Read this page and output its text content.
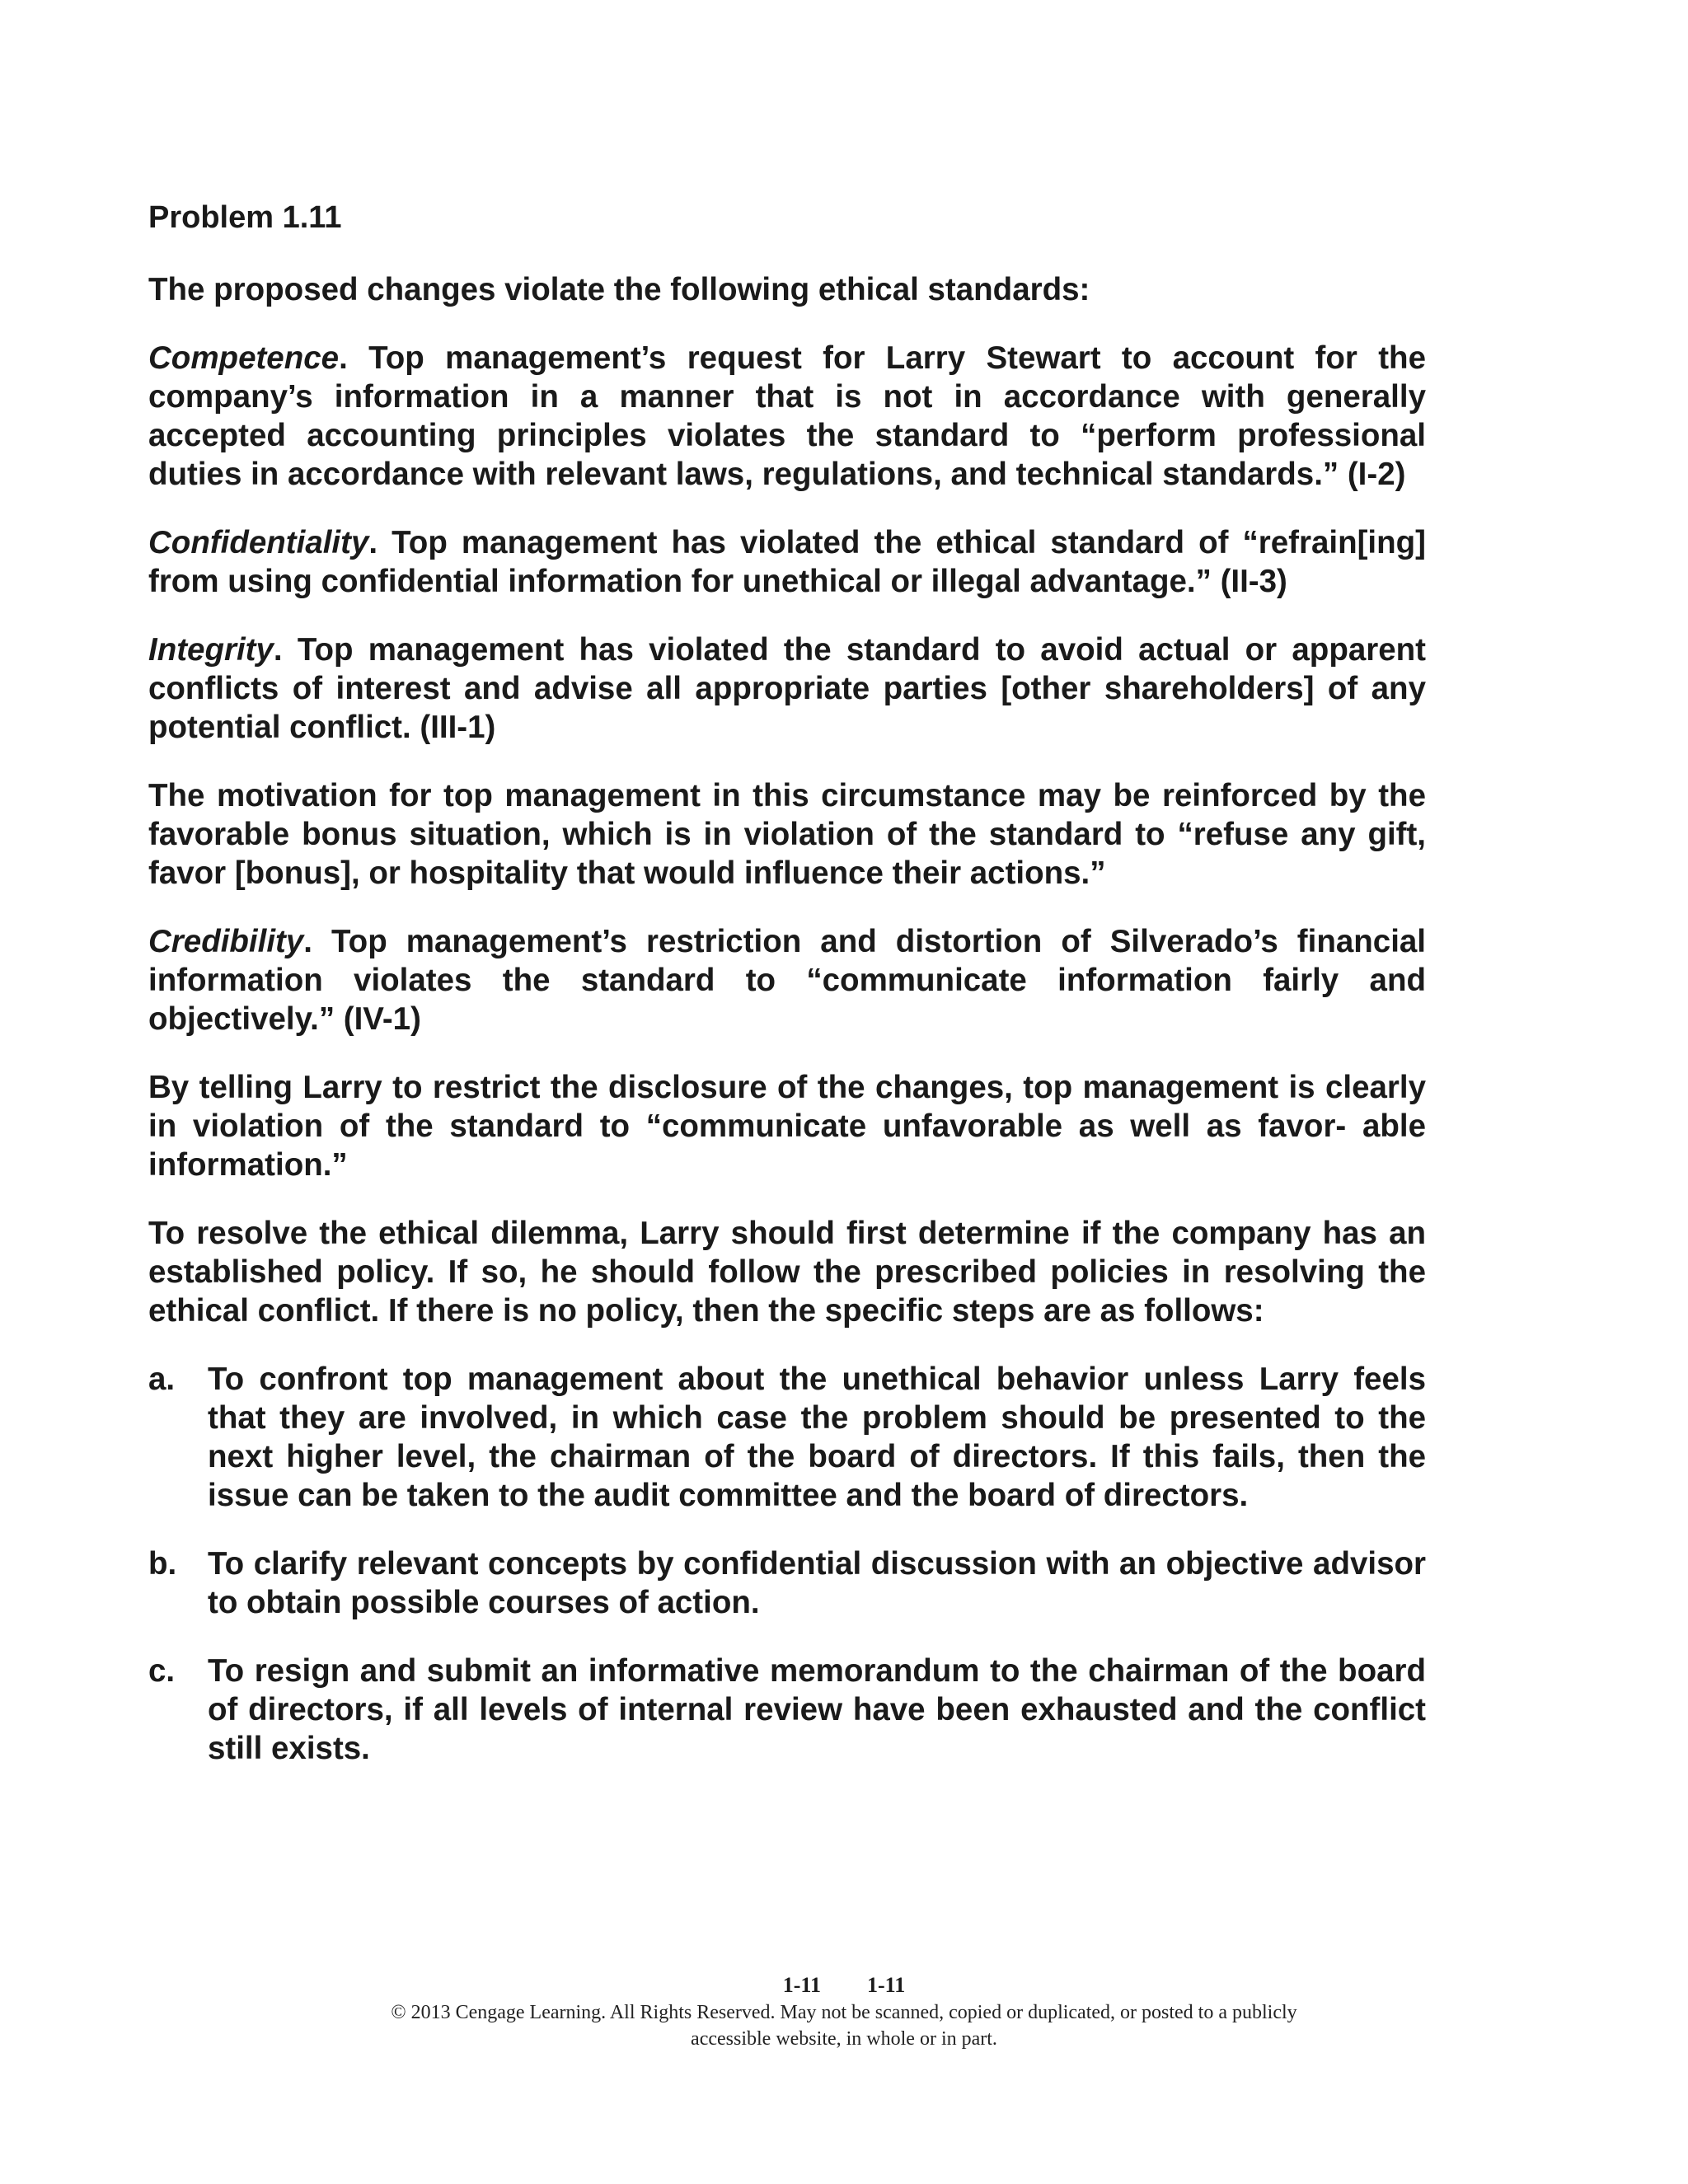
Problem 1.11

The proposed changes violate the following ethical standards:

Competence. Top management’s request for Larry Stewart to account for the company’s information in a manner that is not in accordance with generally accepted accounting principles violates the standard to “perform professional duties in accordance with relevant laws, regulations, and technical standards.” (I-2)

Confidentiality. Top management has violated the ethical standard of “refrain[ing] from using confidential information for unethical or illegal advantage.” (II-3)

Integrity. Top management has violated the standard to avoid actual or apparent conflicts of interest and advise all appropriate parties [other shareholders] of any potential conflict. (III-1)

The motivation for top management in this circumstance may be reinforced by the favorable bonus situation, which is in violation of the standard to “refuse any gift, favor [bonus], or hospitality that would influence their actions.”

Credibility. Top management’s restriction and distortion of Silverado’s financial information violates the standard to “communicate information fairly and objectively.” (IV-1)

By telling Larry to restrict the disclosure of the changes, top management is clearly in violation of the standard to “communicate unfavorable as well as favor- able information.”

To resolve the ethical dilemma, Larry should first determine if the company has an established policy. If so, he should follow the prescribed policies in resolving the ethical conflict. If there is no policy, then the specific steps are as follows:

a.	To confront top management about the unethical behavior unless Larry feels that they are involved, in which case the problem should be presented to the next higher level, the chairman of the board of directors. If this fails, then the issue can be taken to the audit committee and the board of directors.
b. To clarify relevant concepts by confidential discussion with an objective advisor to obtain possible courses of action.
c.	To resign and submit an informative memorandum to the chairman of the board of directors, if all levels of internal review have been exhausted and the conflict still exists.
1-11 1-11
© 2013 Cengage Learning. All Rights Reserved. May not be scanned, copied or duplicated, or posted to a publicly
accessible website, in whole or in part.
